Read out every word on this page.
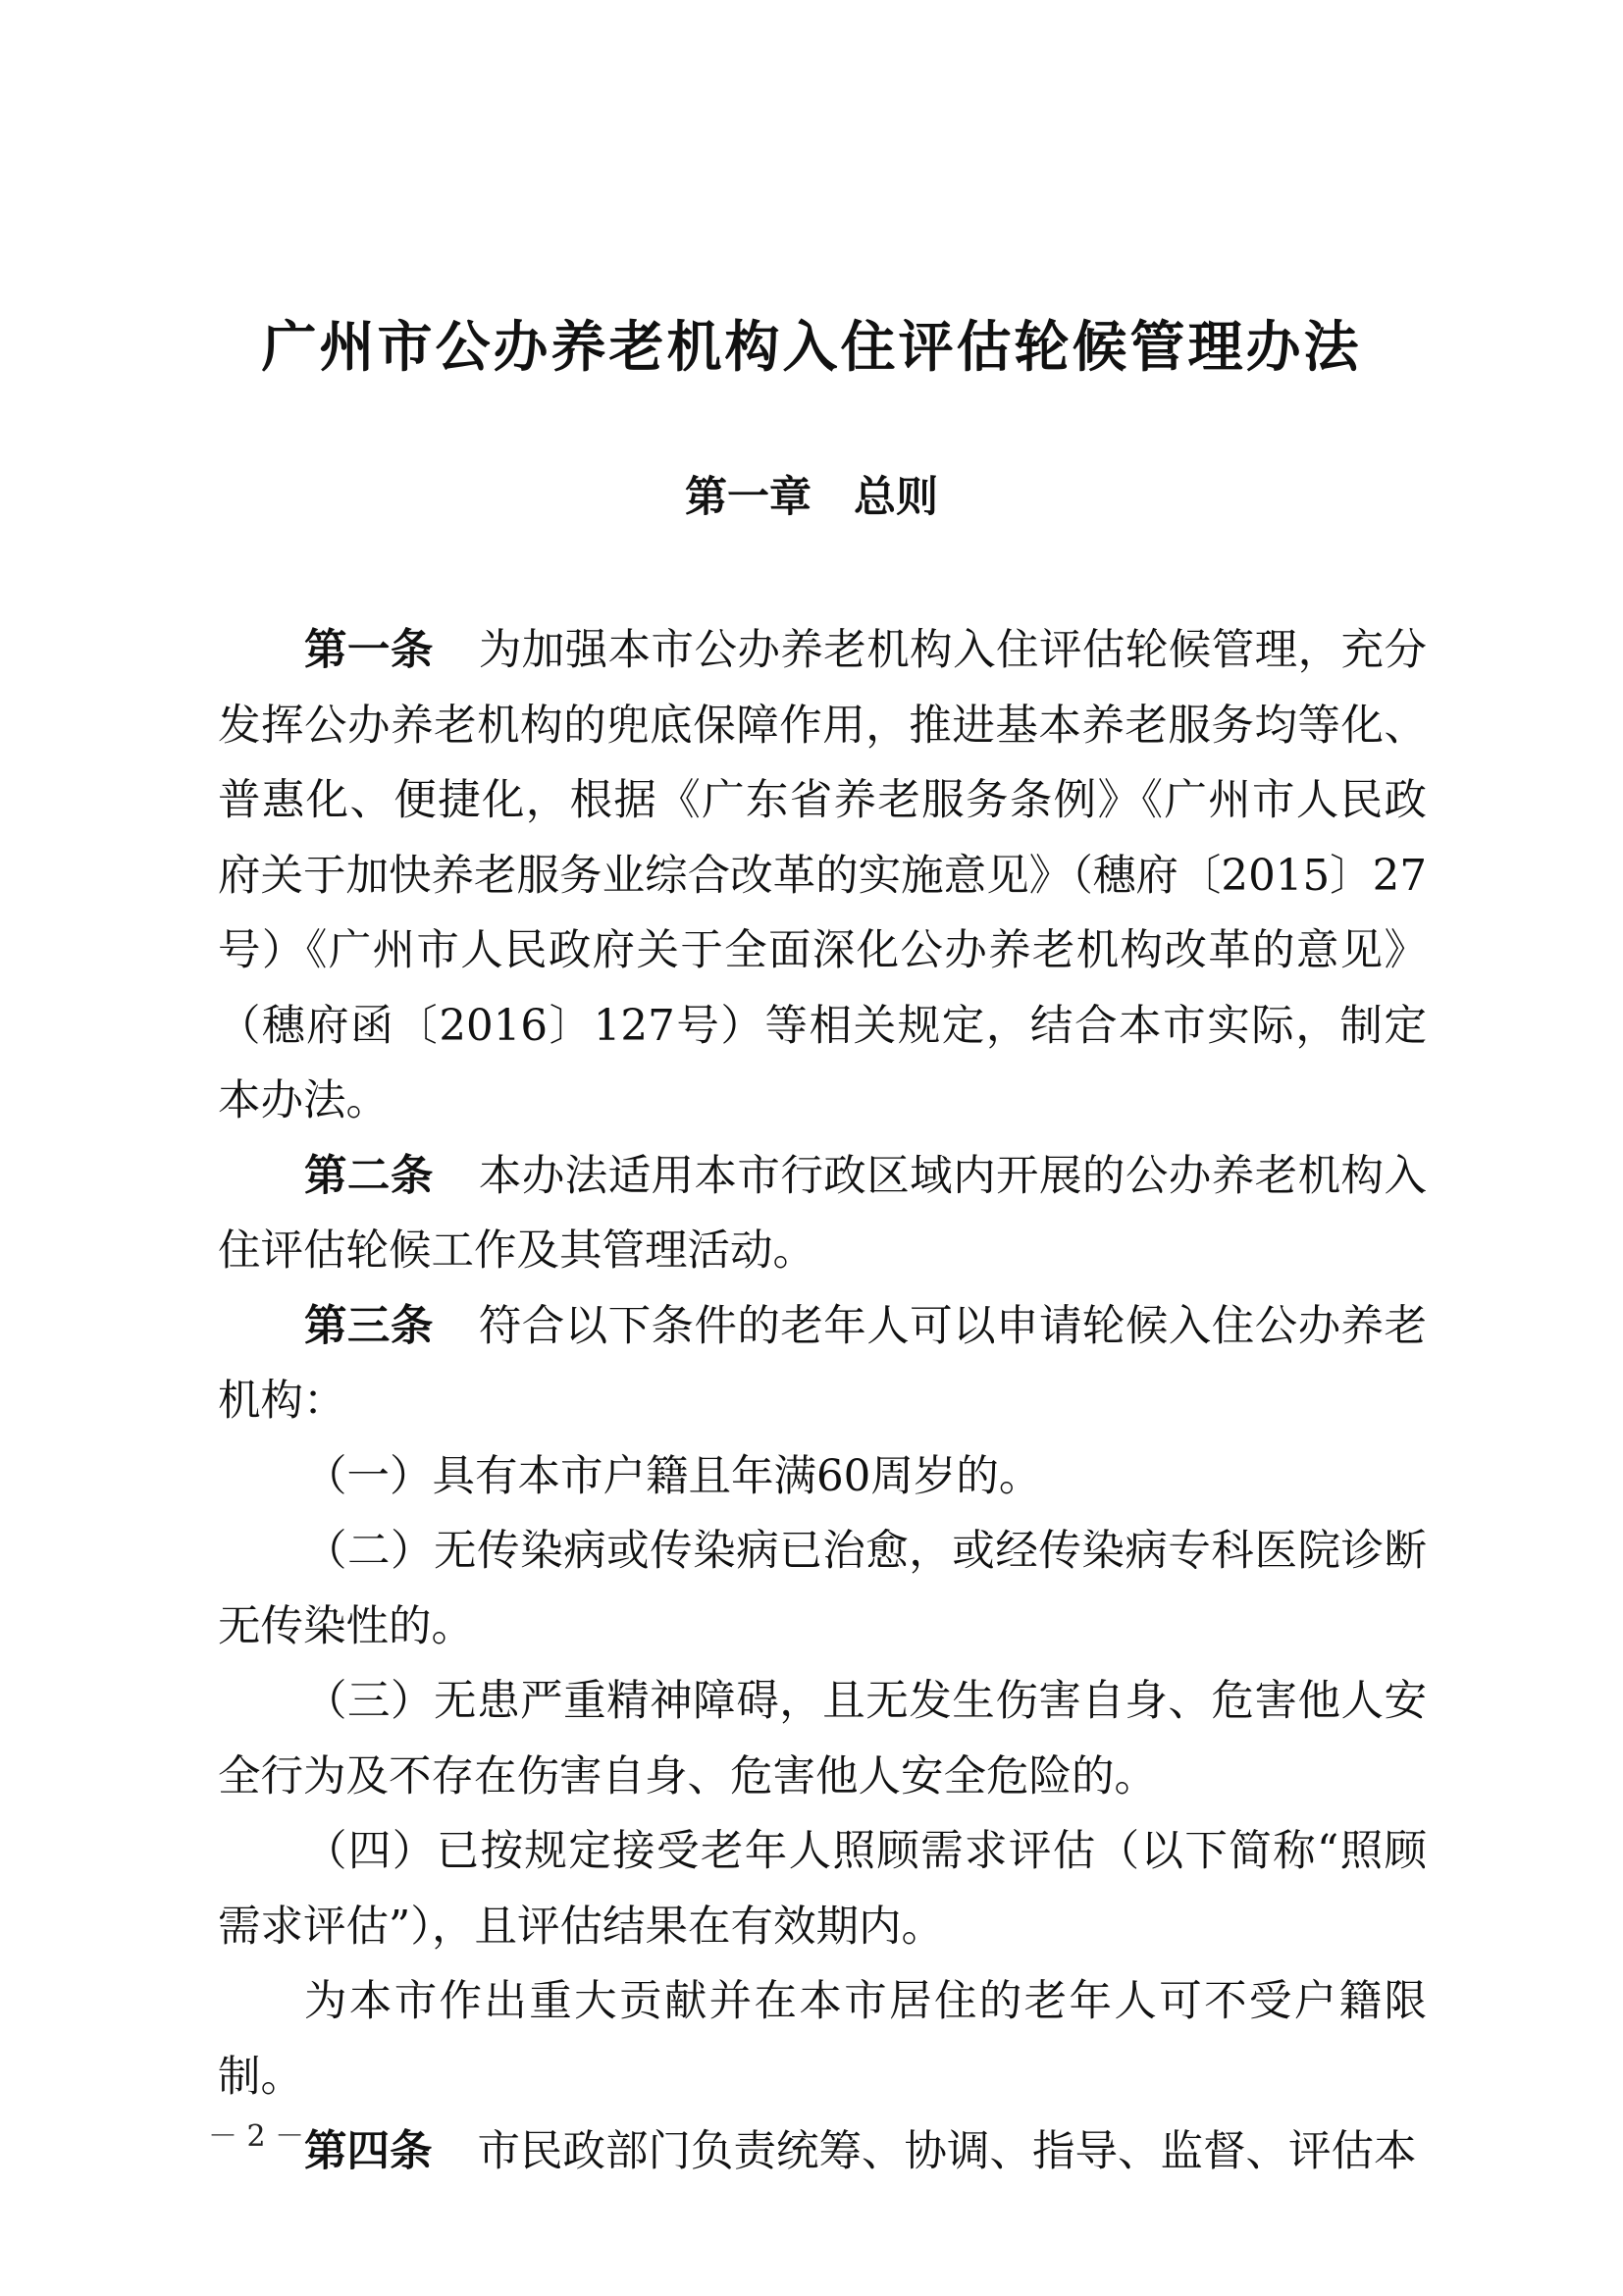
广州市公办养老机构入住评估轮候管理办法
第一章　总则

第一条 为加强本市公办养老机构入住评估轮候管理，充分发挥公办养老机构的兜底保障作用，推进基本养老服务均等化、普惠化、便捷化，根据《广东省养老服务条例》《广州市人民政府关于加快养老服务业综合改革的实施意见》（穗府〔2015〕27号）《广州市人民政府关于全面深化公办养老机构改革的意见》（穗府函〔2016〕127号）等相关规定，结合本市实际，制定本办法。

第二条 本办法适用本市行政区域内开展的公办养老机构入住评估轮候工作及其管理活动。

第三条 符合以下条件的老年人可以申请轮候入住公办养老机构：

（一）具有本市户籍且年满60周岁的。

（二）无传染病或传染病已治愈，或经传染病专科医院诊断无传染性的。

（三）无患严重精神障碍，且无发生伤害自身、危害他人安全行为及不存在伤害自身、危害他人安全危险的。

（四）已按规定接受老年人照顾需求评估（以下简称“照顾需求评估”），且评估结果在有效期内。

为本市作出重大贡献并在本市居住的老年人可不受户籍限制。

第四条 市民政部门负责统筹、协调、指导、监督、评估本

－ 2 －
